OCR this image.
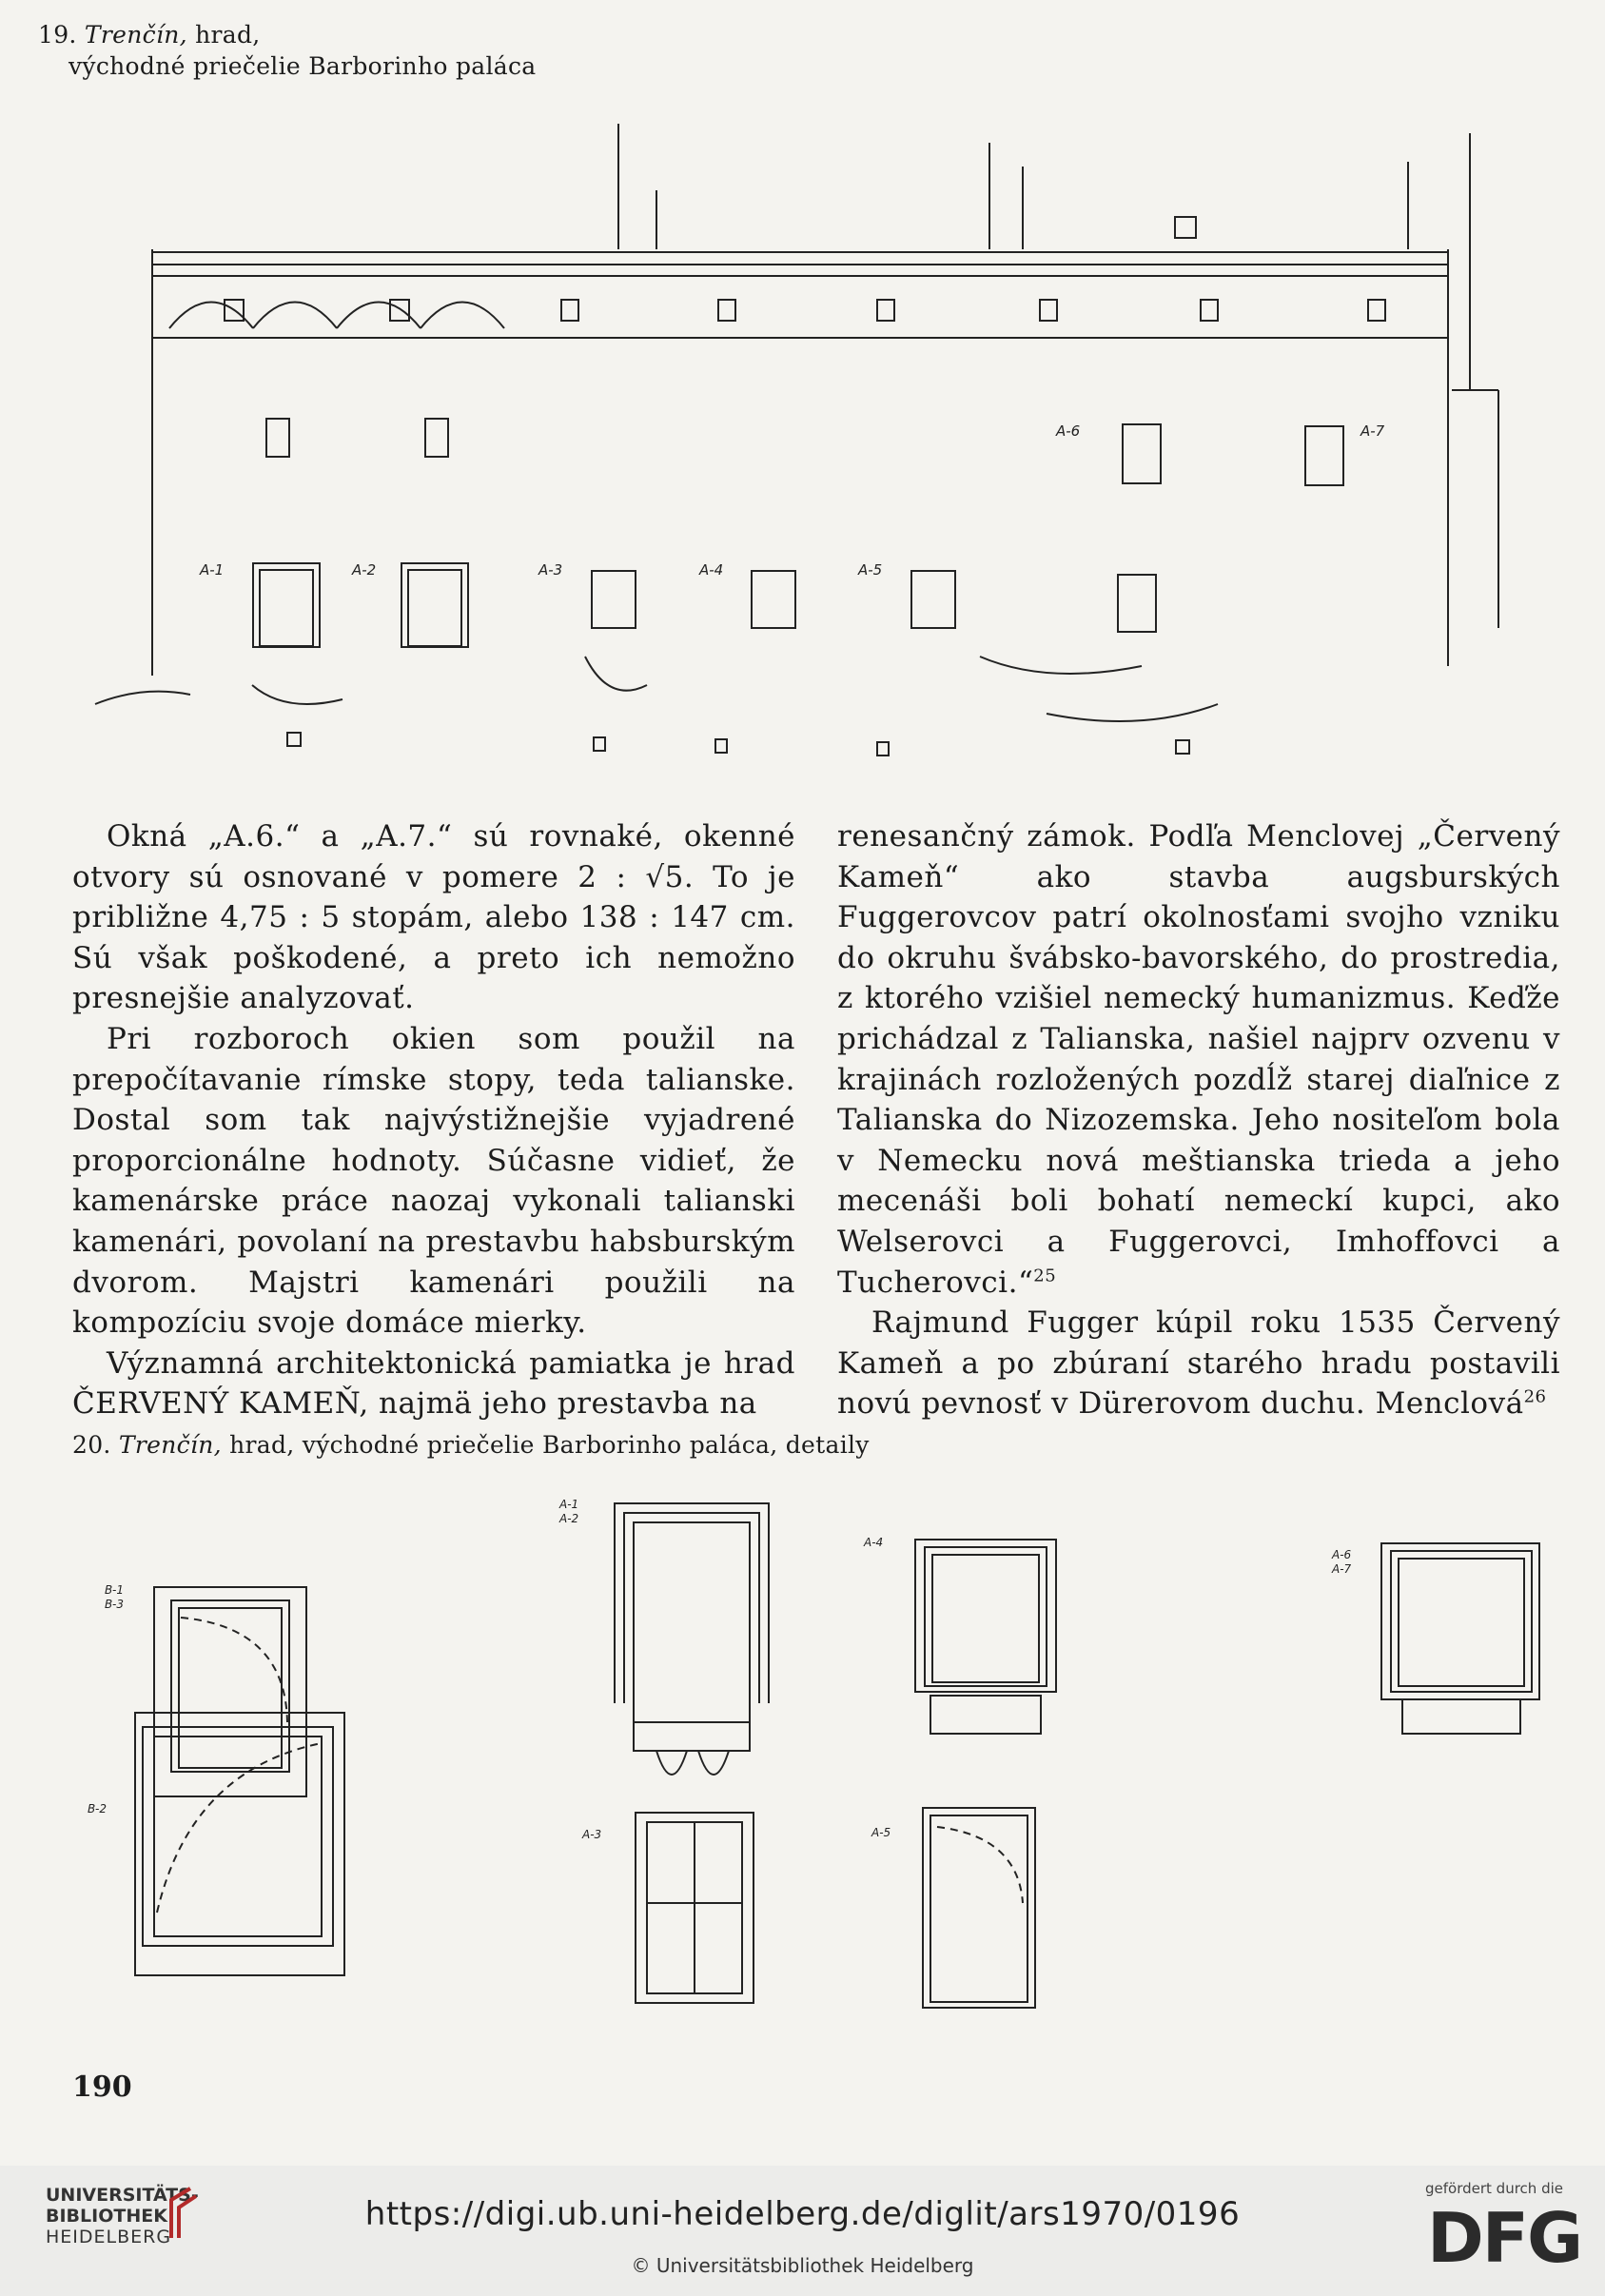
19. Trenčín, hrad,
východné priečelie Barborinho paláca
A-1	A-2	A-3	A-4	A-5
A-6	A-7

Okná „A.6.“ a „A.7.“ sú rovnaké, okenné otvory sú osnované v pomere 2 : √5. To je približne 4,75 : 5 stopám, alebo 138 : 147 cm. Sú však poškodené, a preto ich nemožno presnejšie analyzovať.

Pri rozboroch okien som použil na prepočítavanie rímske stopy, teda talianske. Dostal som tak najvýstižnejšie vyjadrené proporcionálne hodnoty. Súčasne vidieť, že kamenárske práce naozaj vykonali talianski kamenári, povolaní na prestavbu habsburským dvorom. Majstri kamenári použili na kompozíciu svoje domáce mierky.

Významná architektonická pamiatka je hrad ČERVENÝ KAMEŇ, najmä jeho prestavba na

renesančný zámok. Podľa Menclovej „Červený Kameň“ ako stavba augsburských Fuggerovcov patrí okolnosťami svojho vzniku do okruhu švábsko-bavorského, do prostredia, z ktorého vzišiel nemecký humanizmus. Keďže prichádzal z Talianska, našiel najprv ozvenu v krajinách rozložených pozdĺž starej diaľnice z Talianska do Nizozemska. Jeho nositeľom bola v Nemecku nová meštianska trieda a jeho mecenáši boli bohatí nemeckí kupci, ako Welserovci a Fuggerovci, Imhoffovci a Tucherovci.“$^{25}$

Rajmund Fugger kúpil roku 1535 Červený Kameň a po zbúraní starého hradu postavili novú pevnosť v Dürerovom duchu. Menclová$^{26}$

20. Trenčín, hrad, východné priečelie Barborinho paláca, detaily
B-1
B-3
A-1
A-2
A-4
A-6
A-7
B-2
A-3	A-5
190
UNIVERSITÄTS-
BIBLIOTHEK
HEIDELBERG
https://digi.ub.uni-heidelberg.de/diglit/ars1970/0196
© Universitätsbibliothek Heidelberg
gefördert durch die
DFG
